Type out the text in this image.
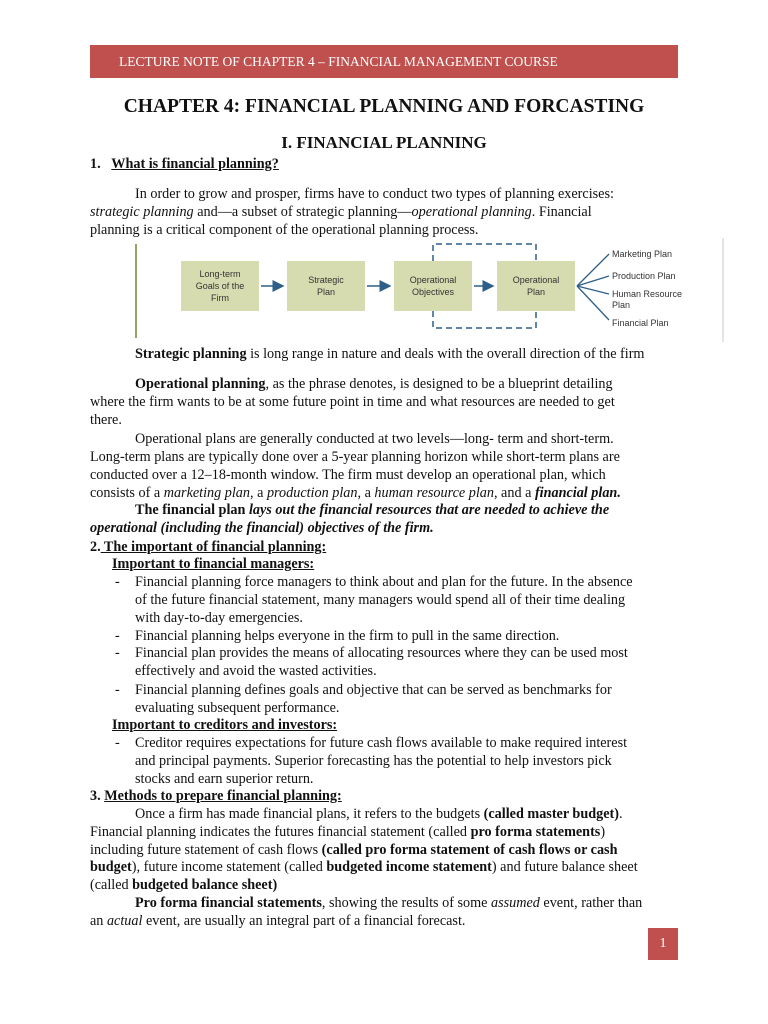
LECTURE NOTE OF CHAPTER 4 – FINANCIAL MANAGEMENT COURSE
CHAPTER 4: FINANCIAL PLANNING AND FORCASTING
I. FINANCIAL PLANNING
1. What is financial planning?
In order to grow and prosper, firms have to conduct two types of planning exercises:
strategic planning and—a subset of strategic planning—operational planning. Financial
planning is a critical component of the operational planning process.
Long-term
Goals of the
Firm
Strategic
Plan
Operational
Objectives
Operational
Plan
Marketing Plan
Production Plan
Human Resource
Plan
Financial Plan
Strategic planning is long range in nature and deals with the overall direction of the firm
Operational planning, as the phrase denotes, is designed to be a blueprint detailing
where the firm wants to be at some future point in time and what resources are needed to get
there.
Operational plans are generally conducted at two levels—long- term and short-term.
Long-term plans are typically done over a 5-year planning horizon while short-term plans are
conducted over a 12–18-month window. The firm must develop an operational plan, which
consists of a marketing plan, a production plan, a human resource plan, and a financial plan.
The financial plan lays out the financial resources that are needed to achieve the
operational (including the financial) objectives of the firm.
2. The important of financial planning:
Important to financial managers:
- Financial planning force managers to think about and plan for the future. In the absence
of the future financial statement, many managers would spend all of their time dealing
with day-to-day emergencies.
- Financial planning helps everyone in the firm to pull in the same direction.
- Financial plan provides the means of allocating resources where they can be used most
effectively and avoid the wasted activities.
- Financial planning defines goals and objective that can be served as benchmarks for
evaluating subsequent performance.
Important to creditors and investors:
- Creditor requires expectations for future cash flows available to make required interest
and principal payments. Superior forecasting has the potential to help investors pick
stocks and earn superior return.
3. Methods to prepare financial planning:
Once a firm has made financial plans, it refers to the budgets (called master budget).
Financial planning indicates the futures financial statement (called pro forma statements)
including future statement of cash flows (called pro forma statement of cash flows or cash
budget), future income statement (called budgeted income statement) and future balance sheet
(called budgeted balance sheet)
Pro forma financial statements, showing the results of some assumed event, rather than
an actual event, are usually an integral part of a financial forecast.
1
